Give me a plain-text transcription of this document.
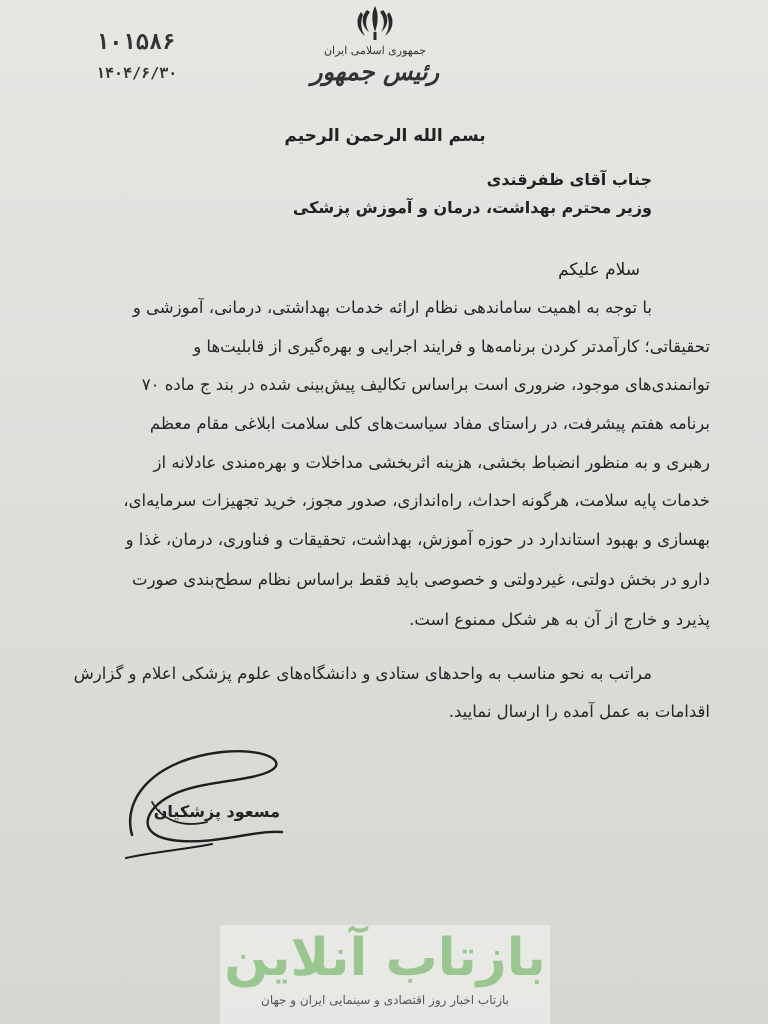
۱۰۱۵۸۶
۱۴۰۴/۶/۳۰
جمهوری اسلامی ایران
رئیس جمهور
بسم الله الرحمن الرحیم
جناب آقای ظفرقندی
وزیر محترم بهداشت، درمان و آموزش پزشکی
سلام علیکم
با توجه به اهمیت ساماندهی نظام ارائه خدمات بهداشتی، درمانی، آموزشی و
تحقیقاتی؛ کارآمدتر کردن برنامه‌ها و فرایند اجرایی و بهره‌گیری از قابلیت‌ها و
توانمندی‌های موجود، ضروری است براساس تکالیف پیش‌بینی شده در بند ج ماده ۷۰
برنامه هفتم پیشرفت، در راستای مفاد سیاست‌های کلی سلامت ابلاغی مقام معظم
رهبری و به منظور انضباط بخشی، هزینه اثربخشی مداخلات و بهره‌مندی عادلانه از
خدمات پایه سلامت، هرگونه احداث، راه‌اندازی، صدور مجوز، خرید تجهیزات سرمایه‌ای،
بهسازی و بهبود استاندارد در حوزه آموزش، بهداشت، تحقیقات و فناوری، درمان، غذا و
دارو در بخش دولتی، غیردولتی و خصوصی باید فقط براساس نظام سطح‌بندی صورت
پذیرد و خارج از آن به هر شکل ممنوع است.
مراتب به نحو مناسب به واحدهای ستادی و دانشگاه‌های علوم پزشکی اعلام و گزارش
اقدامات به عمل آمده را ارسال نمایید.
مسعود پزشکیان
بازتاب آنلاین
بازتاب اخبار روز اقتصادی و سینمایی ایران و جهان
